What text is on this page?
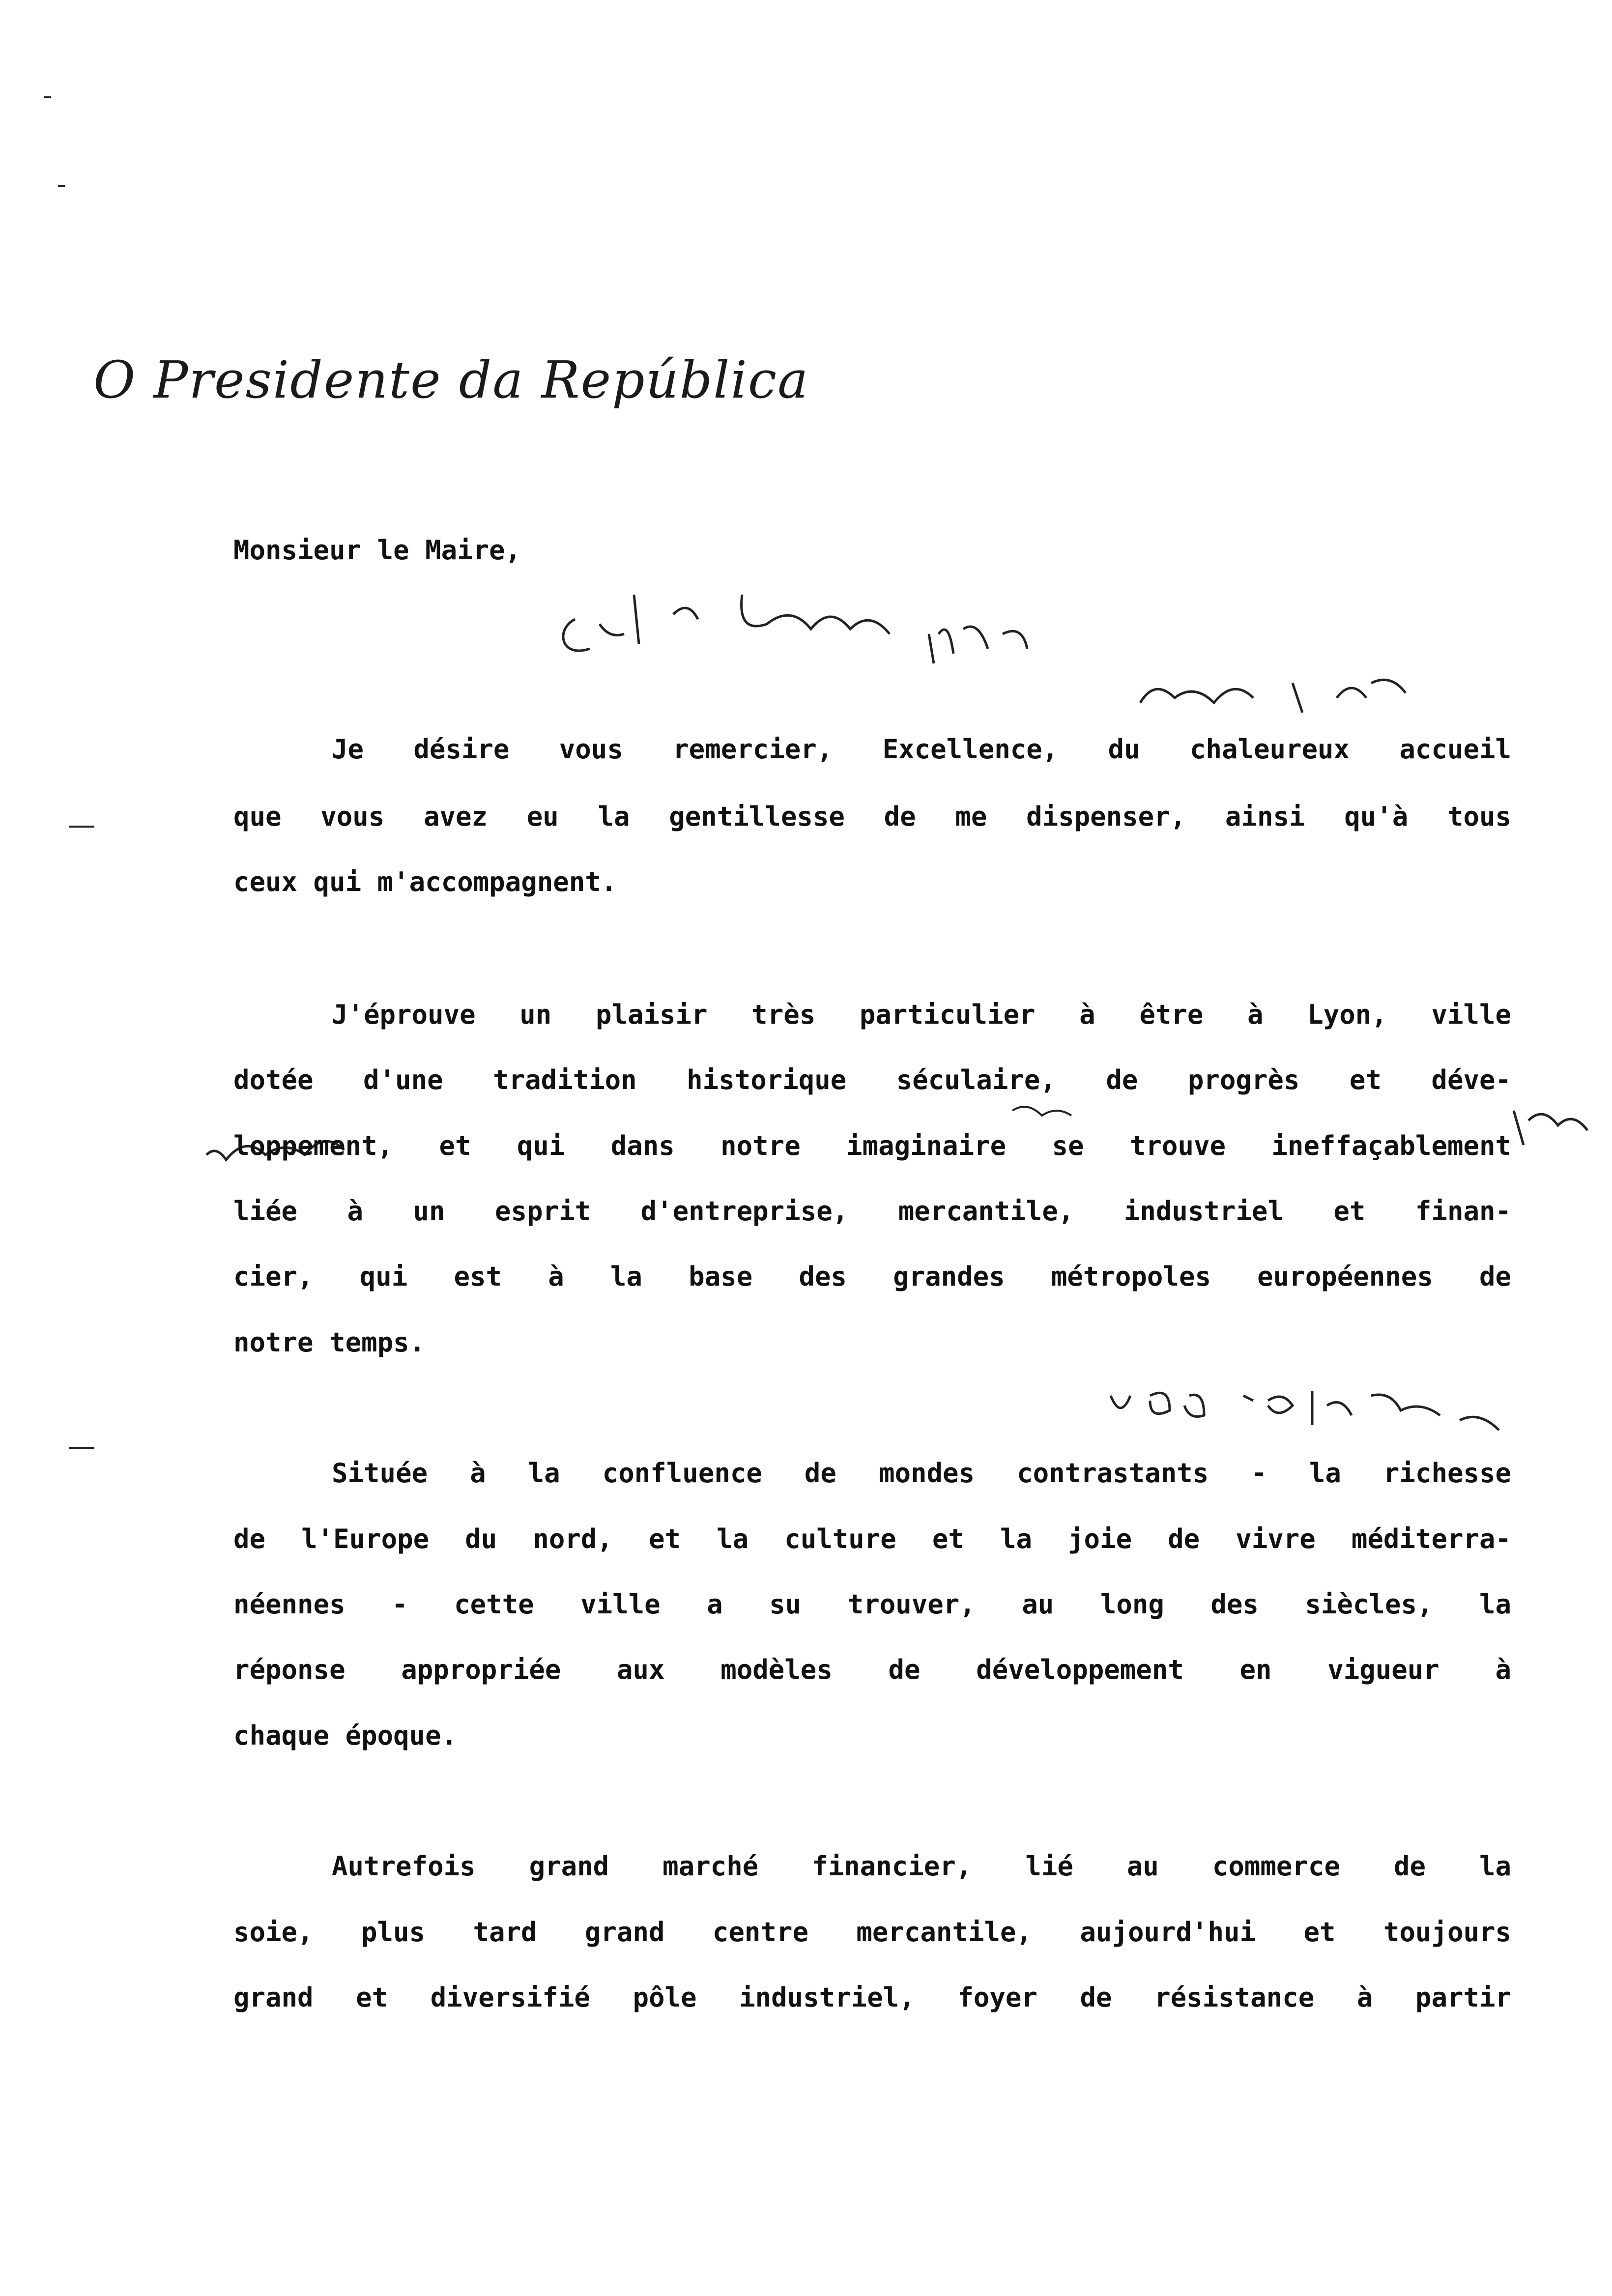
O Presidente da República
Monsieur le Maire,
Je désire vous remercier, Excellence, du chaleureux accueil
que vous avez eu la gentillesse de me dispenser, ainsi qu'à tous
ceux qui m'accompagnent.
J'éprouve un plaisir très particulier à être à Lyon, ville
dotée d'une tradition historique séculaire, de progrès et déve-
loppement, et qui dans notre imaginaire se trouve ineffaçablement
liée à un esprit d'entreprise, mercantile, industriel et finan-
cier, qui est à la base des grandes métropoles européennes de
notre temps.
Située à la confluence de mondes contrastants - la richesse
de l'Europe du nord, et la culture et la joie de vivre méditerra-
néennes - cette ville a su trouver, au long des siècles, la
réponse appropriée aux modèles de développement en vigueur à
chaque époque.
Autrefois grand marché financier, lié au commerce de la
soie, plus tard grand centre mercantile, aujourd'hui et toujours
grand et diversifié pôle industriel, foyer de résistance à partir
